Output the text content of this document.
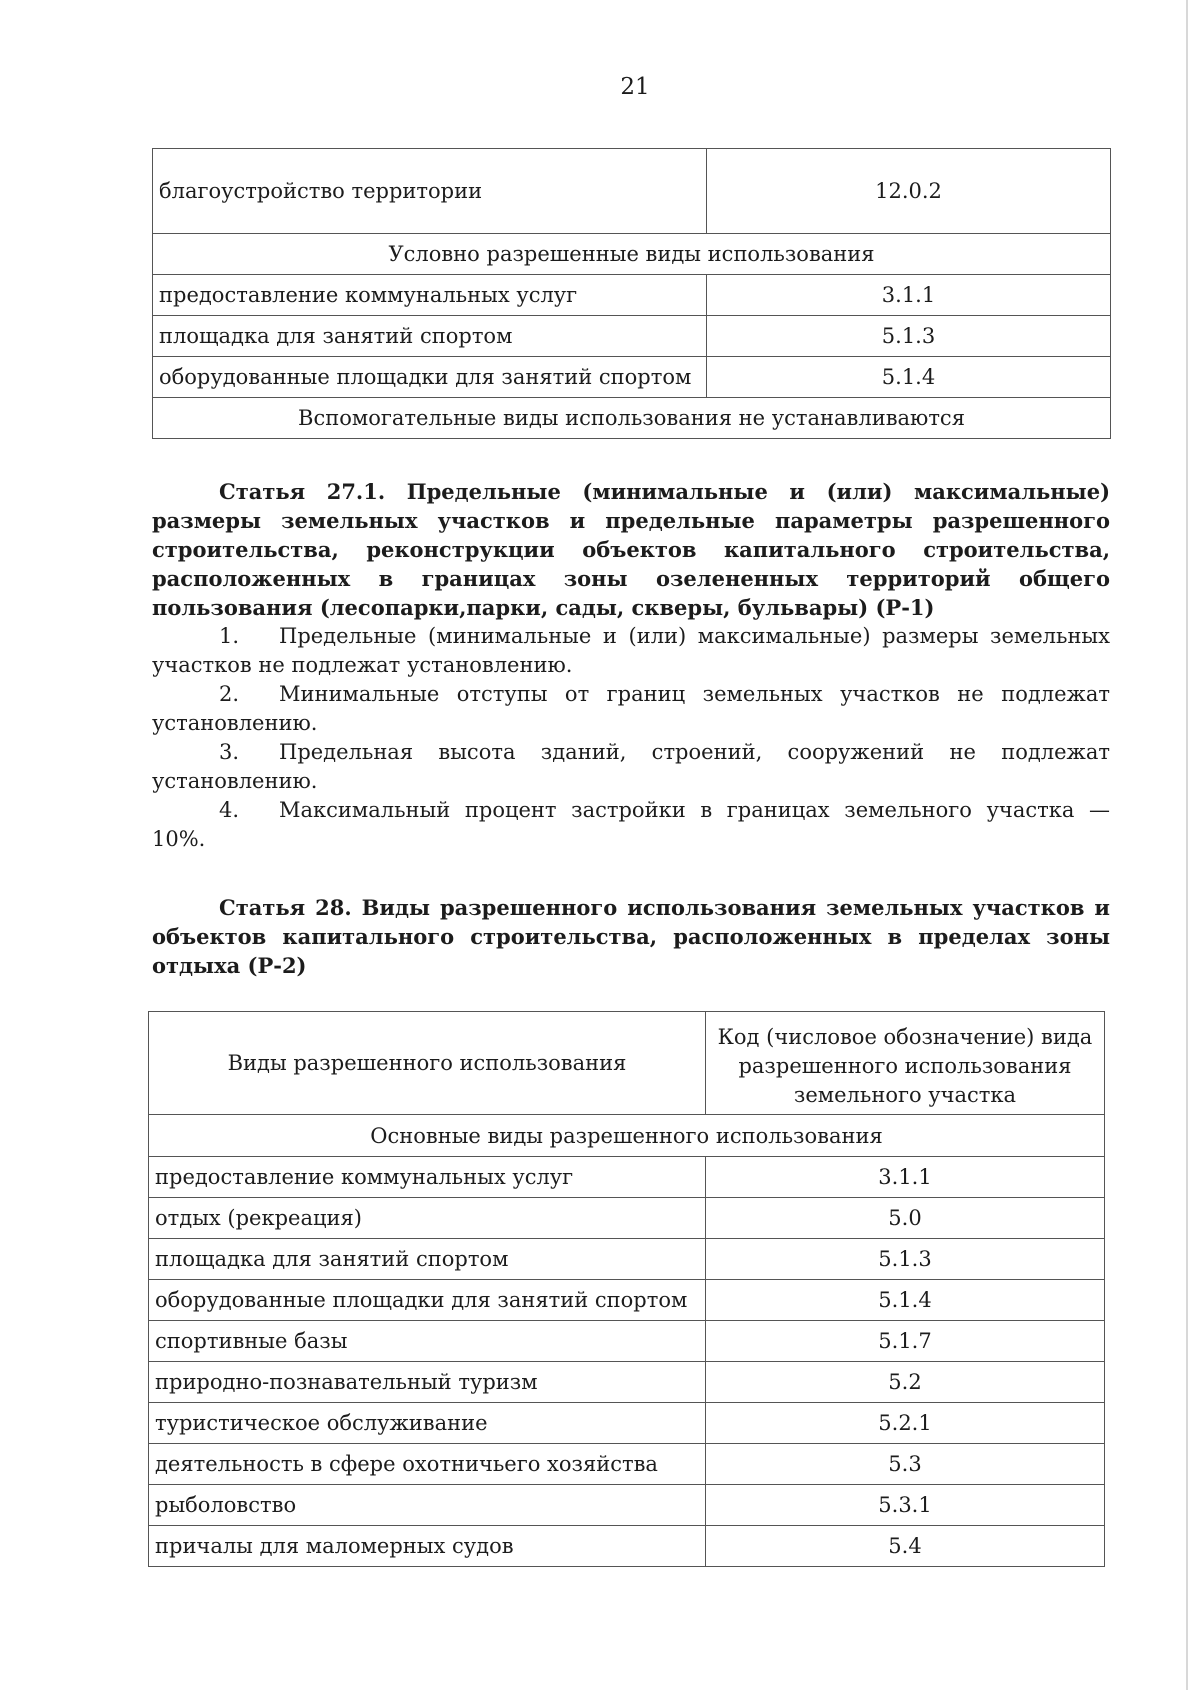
21
благоустройство территории	12.0.2
Условно разрешенные виды использования	
предоставление коммунальных услуг	3.1.1
площадка для занятий спортом	5.1.3
оборудованные площадки для занятий спортом	5.1.4
Вспомогательные виды использования не устанавливаются	

Статья 27.1. Предельные (минимальные и (или) максимальные) размеры земельных участков и предельные параметры разрешенного строительства, реконструкции объектов капитального строительства, расположенных в границах зоны озелененных территорий общего пользования (лесопарки,парки, сады, скверы, бульвары) (Р-1)

1. Предельные (минимальные и (или) максимальные) размеры земельных участков не подлежат установлению.

2. Минимальные отступы от границ земельных участков не подлежат установлению.

3. Предельная высота зданий, строений, сооружений не подлежат установлению.

4. Максимальный процент застройки в границах земельного участка — 10%.

Статья 28. Виды разрешенного использования земельных участков и объектов капитального строительства, расположенных в пределах зоны отдыха (Р-2)

Виды разрешенного использования	Код (числовое обозначение) вида разрешенного использования земельного участка
Основные виды разрешенного использования	
предоставление коммунальных услуг	3.1.1
отдых (рекреация)	5.0
площадка для занятий спортом	5.1.3
оборудованные площадки для занятий спортом	5.1.4
спортивные базы	5.1.7
природно-познавательный туризм	5.2
туристическое обслуживание	5.2.1
деятельность в сфере охотничьего хозяйства	5.3
рыболовство	5.3.1
причалы для маломерных судов	5.4
